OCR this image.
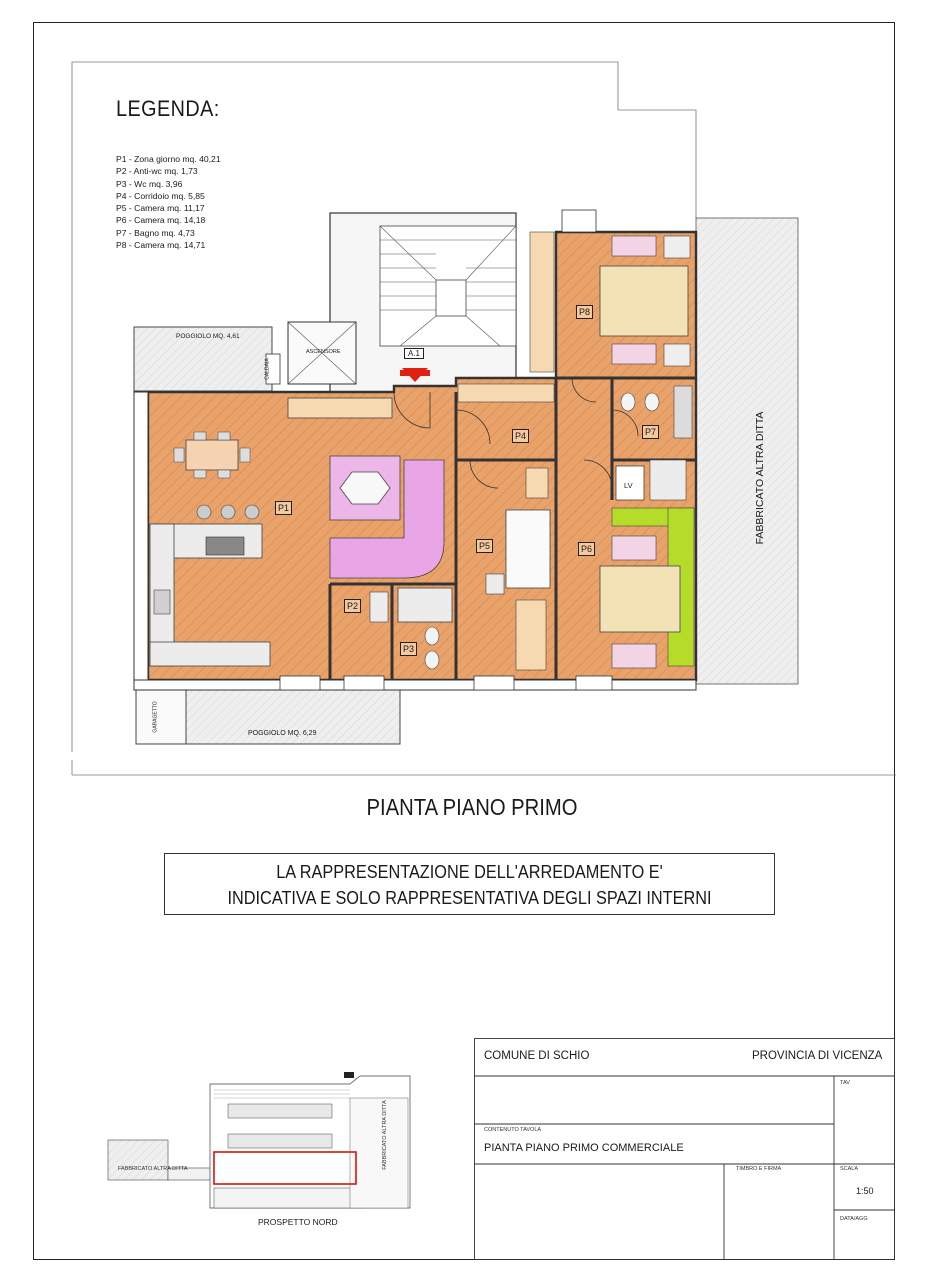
LEGENDA:
P1 - Zona giorno mq. 40,21
P2 - Anti-wc mq. 1,73
P3 - Wc mq. 3,96
P4 - Corridoio mq. 5,85
P5 - Camera mq. 11,17
P6 - Camera mq. 14,18
P7 - Bagno mq. 4,73
P8 - Camera mq. 14,71
P1
P2
P3
P4
P5	P6
P7
P8
POGGIOLO MQ. 4,61
POGGIOLO MQ. 6,29
ASCENSORE
CALDAIA
GARAGETTO
A.1
LV	FABBRICATO ALTRA DITTA
PIANTA PIANO PRIMO
LA RAPPRESENTAZIONE DELL'ARREDAMENTO E'
INDICATIVA E SOLO RAPPRESENTATIVA DEGLI SPAZI INTERNI
FABBRICATO ALTRA DITTA	FABBRICATO ALTRA DITTA
PROSPETTO NORD
COMUNE DI SCHIO	PROVINCIA DI VICENZA
TAV
CONTENUTO TAVOLA
PIANTA PIANO PRIMO COMMERCIALE
TIMBRO E FIRMA	SCALA
1:50
DATA/AGG
